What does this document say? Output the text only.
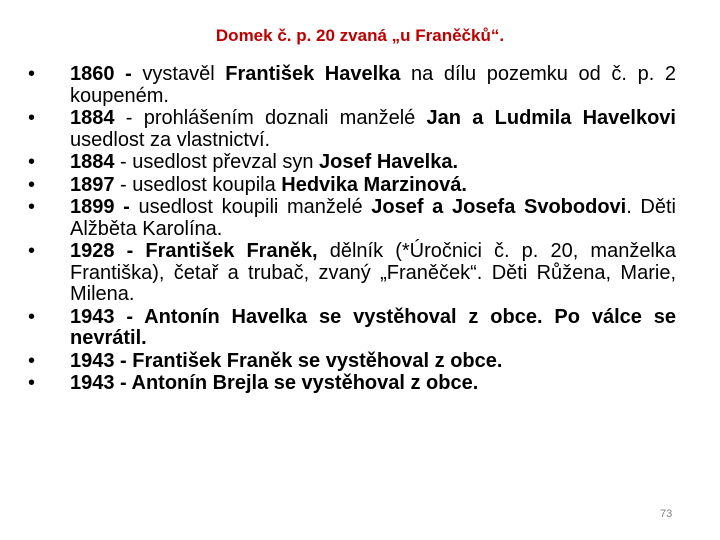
Domek č. p. 20 zvaná „u Franěčků“.
•	1860 - vystavěl František Havelka na dílu pozemku od č. p. 2 koupeném.
•	1884 - prohlášením doznali manželé Jan a Ludmila Havelkovi usedlost za vlastnictví.
•	1884 - usedlost převzal syn Josef Havelka.
•	1897 - usedlost koupila Hedvika Marzinová.
•	1899 - usedlost koupili manželé Josef a Josefa Svobodovi. Děti Alžběta Karolína.
•	1928 - František Franěk, dělník (*Úročnici č. p. 20, manželka Františka), četař a trubač, zvaný „Franěček“. Děti Růžena, Marie, Milena.
•	1943 - Antonín Havelka se vystěhoval z obce. Po válce se nevrátil.
•	1943 - František Franěk se vystěhoval z obce.
•	1943 - Antonín Brejla se vystěhoval z obce.
73
